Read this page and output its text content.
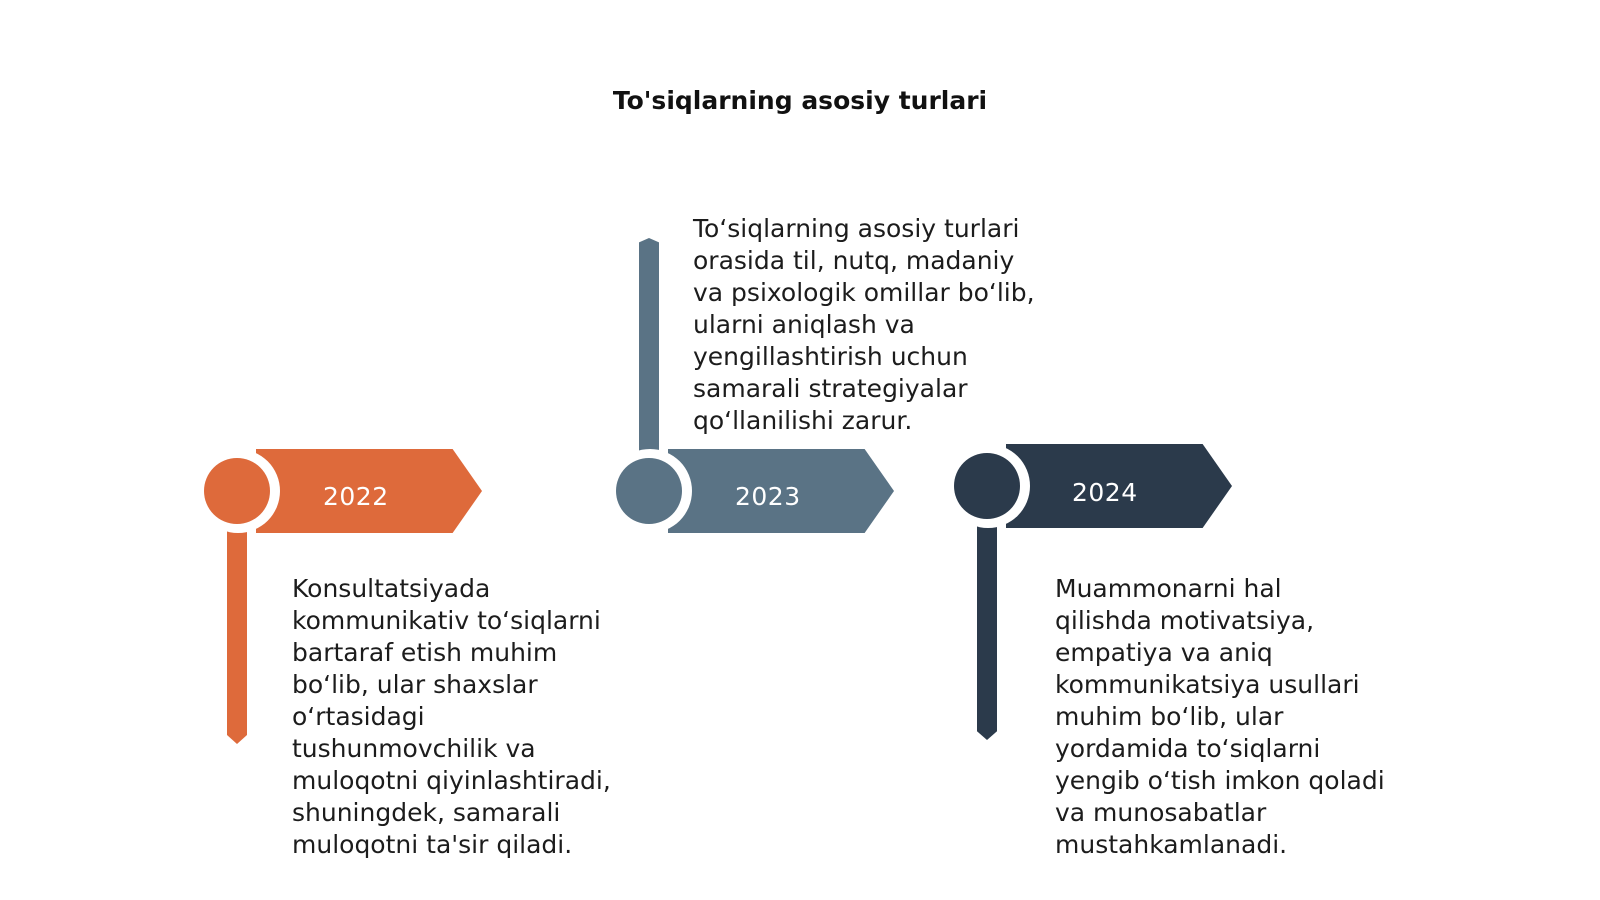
To'siqlarning asosiy turlari
2022

Konsultatsiyada
kommunikativ to‘siqlarni
bartaraf etish muhim
bo‘lib, ular shaxslar
o‘rtasidagi
tushunmovchilik va
muloqotni qiyinlashtiradi,
shuningdek, samarali
muloqotni ta'sir qiladi.

2023

To‘siqlarning asosiy turlari
orasida til, nutq, madaniy
va psixologik omillar bo‘lib,
ularni aniqlash va
yengillashtirish uchun
samarali strategiyalar
qo‘llanilishi zarur.

2024

Muammonarni hal
qilishda motivatsiya,
empatiya va aniq
kommunikatsiya usullari
muhim bo‘lib, ular
yordamida to‘siqlarni
yengib o‘tish imkon qoladi
va munosabatlar
mustahkamlanadi.
